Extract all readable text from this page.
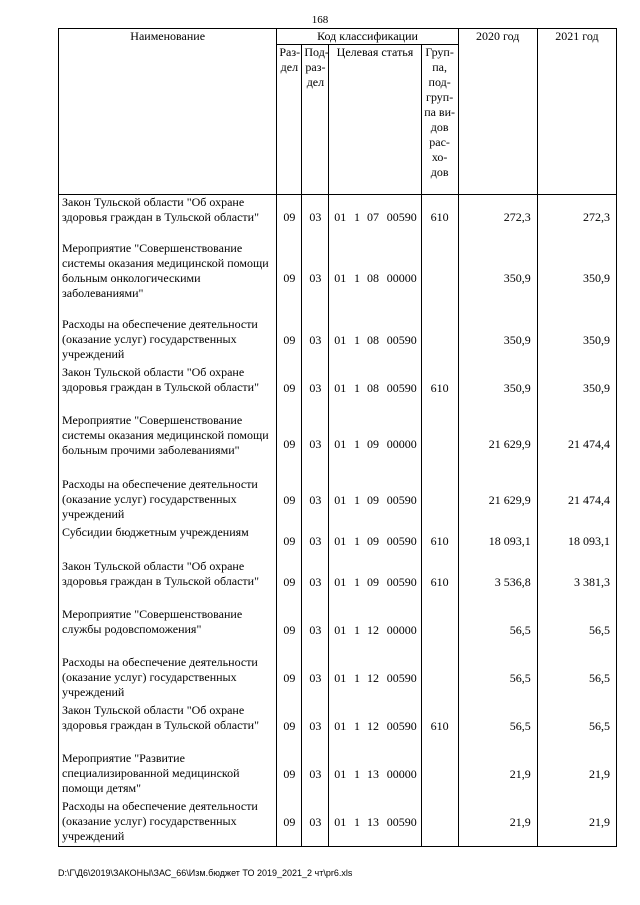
168
Наименование	Код классификации							2020 год	2021 год
	Раз-дел	Под-раз-дел	Целевая статья				Груп-па, под-груп-па ви-дов рас-хо-дов		
Закон Тульской области "Об охране здоровья граждан в Тульской области"	09	03	01	1	07	00590	610	272,3	272,3
Мероприятие "Совершенствование системы оказания медицинской помощи больным онкологическими заболеваниями"	09	03	01	1	08	00000		350,9	350,9
Расходы на обеспечение деятельности (оказание услуг) государственных учреждений	09	03	01	1	08	00590		350,9	350,9
Закон Тульской области "Об охране здоровья граждан в Тульской области"	09	03	01	1	08	00590	610	350,9	350,9
Мероприятие "Совершенствование системы оказания медицинской помощи больным прочими заболеваниями"	09	03	01	1	09	00000		21 629,9	21 474,4
Расходы на обеспечение деятельности (оказание услуг) государственных учреждений	09	03	01	1	09	00590		21 629,9	21 474,4
Субсидии бюджетным учреждениям	09	03	01	1	09	00590	610	18 093,1	18 093,1
Закон Тульской области "Об охране здоровья граждан в Тульской области"	09	03	01	1	09	00590	610	3 536,8	3 381,3
Мероприятие "Совершенствование службы родовспоможения"	09	03	01	1	12	00000		56,5	56,5
Расходы на обеспечение деятельности (оказание услуг) государственных учреждений	09	03	01	1	12	00590		56,5	56,5
Закон Тульской области "Об охране здоровья граждан в Тульской области"	09	03	01	1	12	00590	610	56,5	56,5
Мероприятие "Развитие специализированной медицинской помощи детям"	09	03	01	1	13	00000		21,9	21,9
Расходы на обеспечение деятельности (оказание услуг) государственных учреждений	09	03	01	1	13	00590		21,9	21,9
D:\Г\Д6\2019\ЗАКОНЫ\ЗАС_66\Изм.бюджет ТО 2019_2021_2 чт\pr6.xls
